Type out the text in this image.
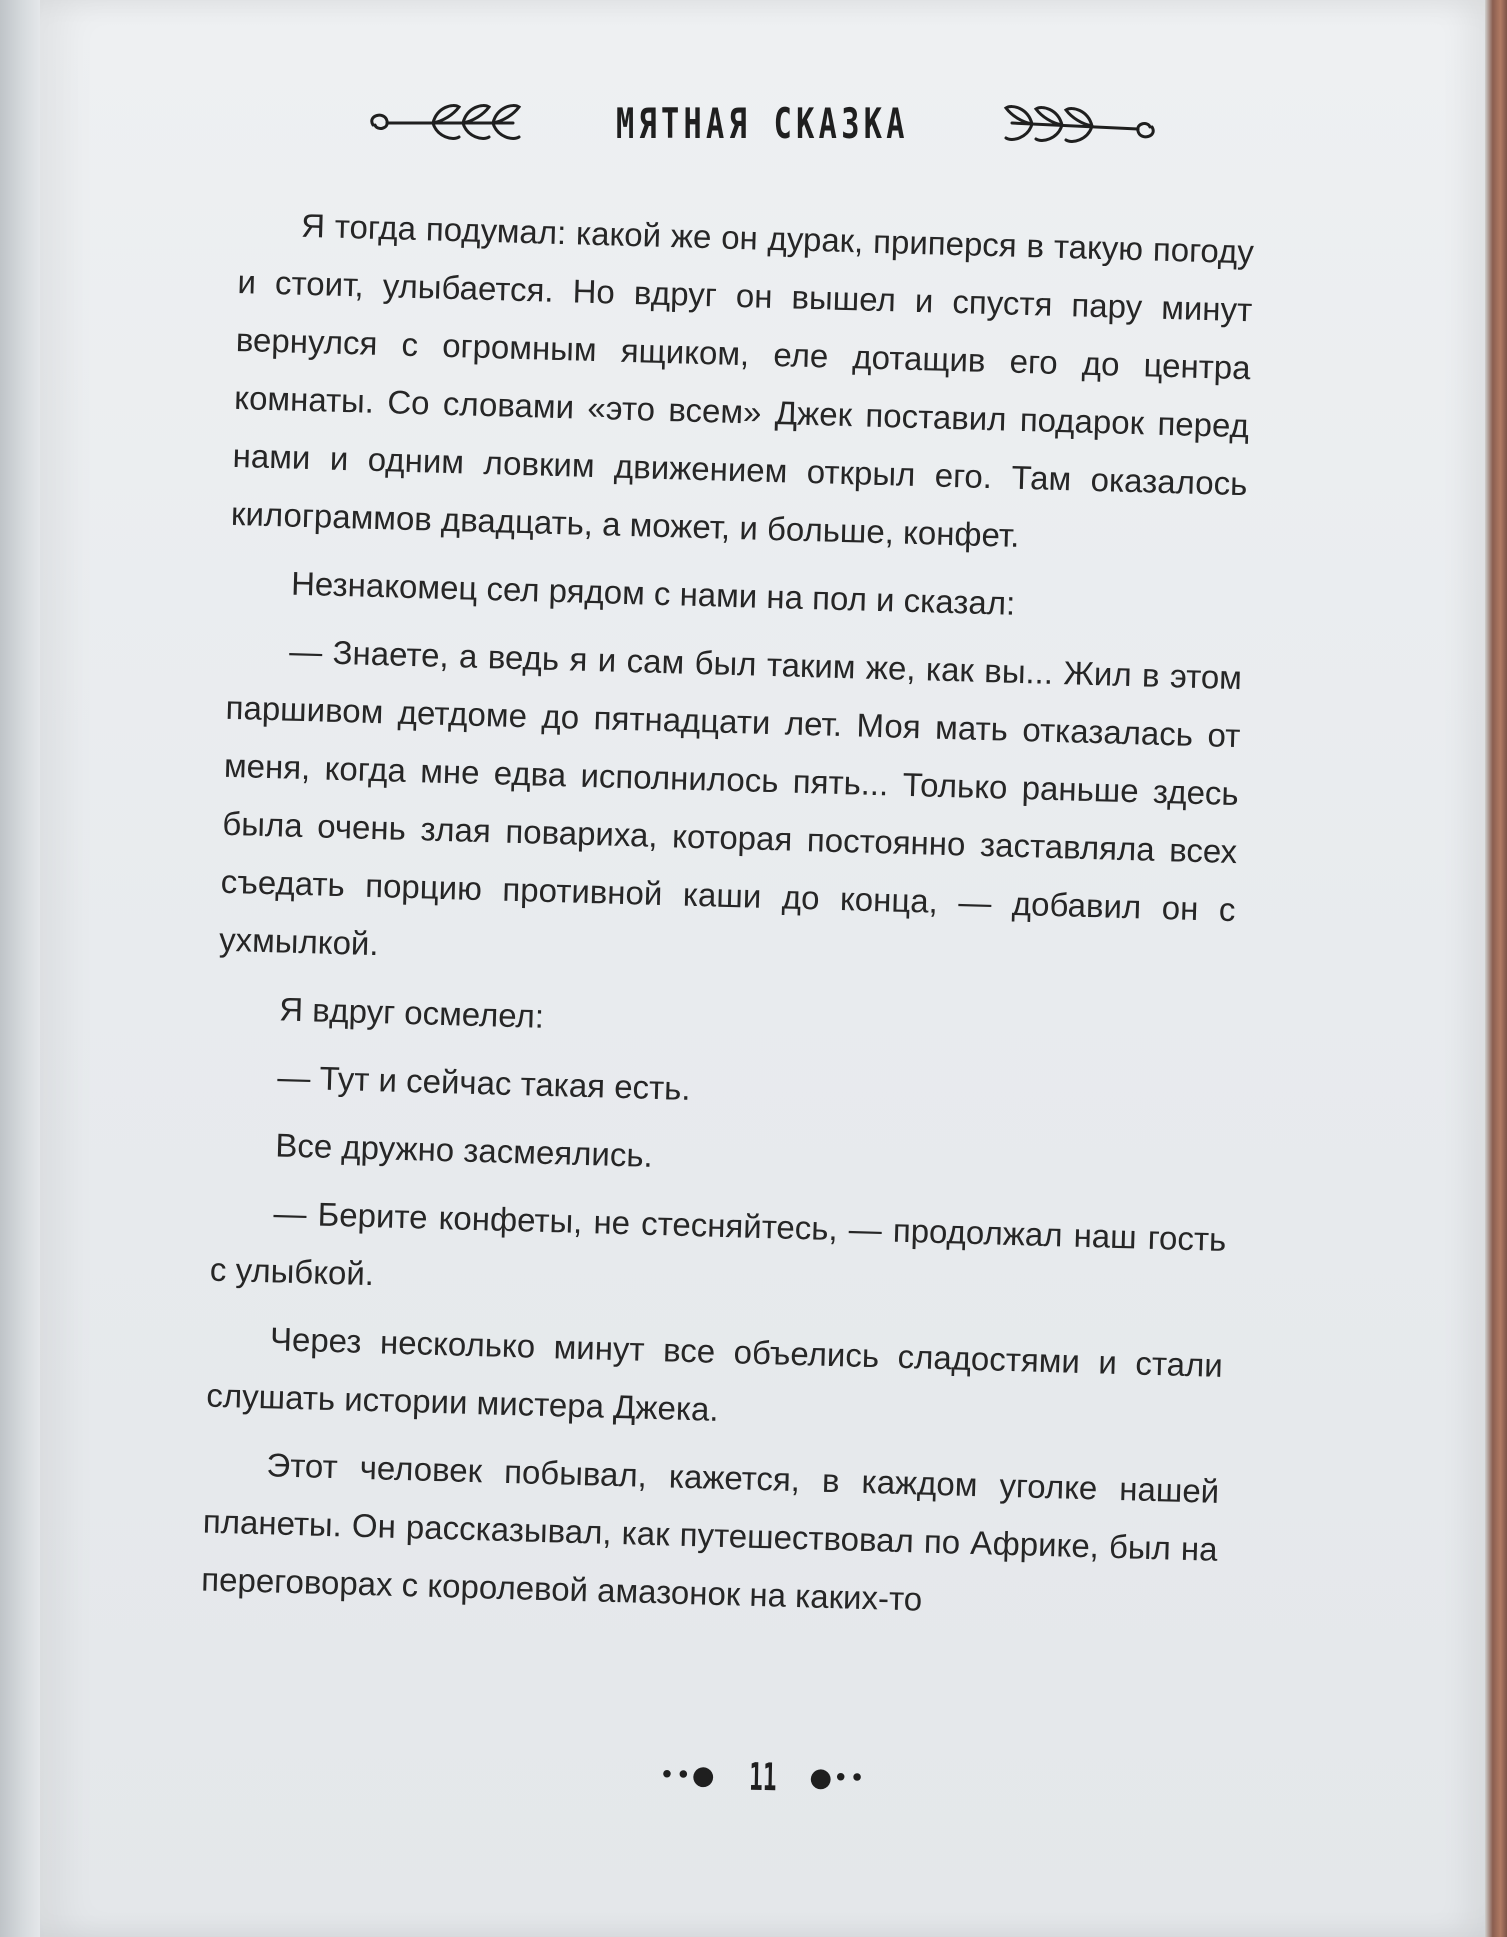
МЯТНАЯ СКАЗКА

Я тогда подумал: какой же он дурак, приперся в такую погоду и стоит, улыбается. Но вдруг он вышел и спустя пару минут вернулся с огромным ящиком, еле дотащив его до центра комнаты. Со словами «это всем» Джек поставил подарок перед нами и одним ловким движением открыл его. Там оказалось килограммов двадцать, а может, и больше, конфет.

Незнакомец сел рядом с нами на пол и сказал:

— Знаете, а ведь я и сам был таким же, как вы... Жил в этом паршивом детдоме до пятнадцати лет. Моя мать отказалась от меня, когда мне едва исполнилось пять... Только раньше здесь была очень злая повариха, которая постоянно заставляла всех съедать порцию противной каши до конца, — добавил он с ухмылкой.

Я вдруг осмелел:

— Тут и сейчас такая есть.

Все дружно засмеялись.

— Берите конфеты, не стесняйтесь, — продолжал наш гость с улыбкой.

Через несколько минут все объелись сладостями и стали слушать истории мистера Джека.

Этот человек побывал, кажется, в каждом уголке нашей планеты. Он рассказывал, как путешествовал по Африке, был на переговорах с королевой амазонок на каких-то

••● 11 ●••
